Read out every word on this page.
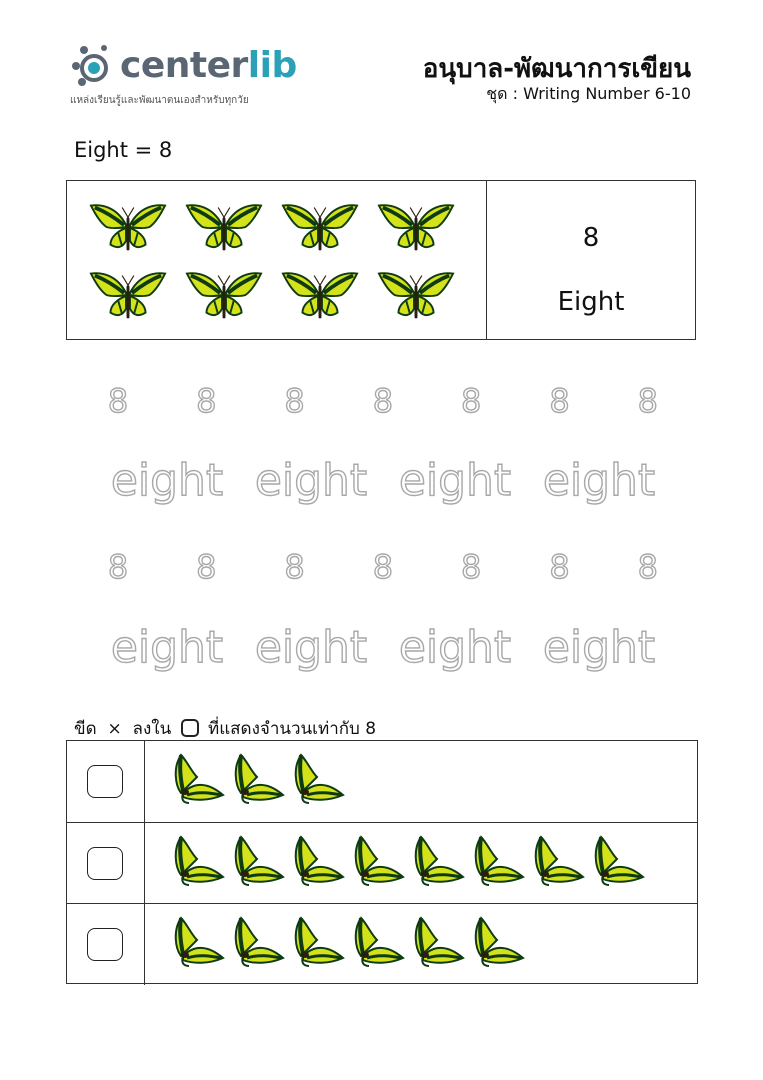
centerlib
แหล่งเรียนรู้และพัฒนาตนเองสำหรับทุกวัย
อนุบาล-พัฒนาการเขียน
ชุด : Writing Number 6-10
Eight = 8
8
Eight
8	8	8	8	8	8	8
eight eight eight eight
8	8	8	8	8	8	8
eight eight eight eight
ขีด × ลงใน ที่แสดงจำนวนเท่ากับ 8
